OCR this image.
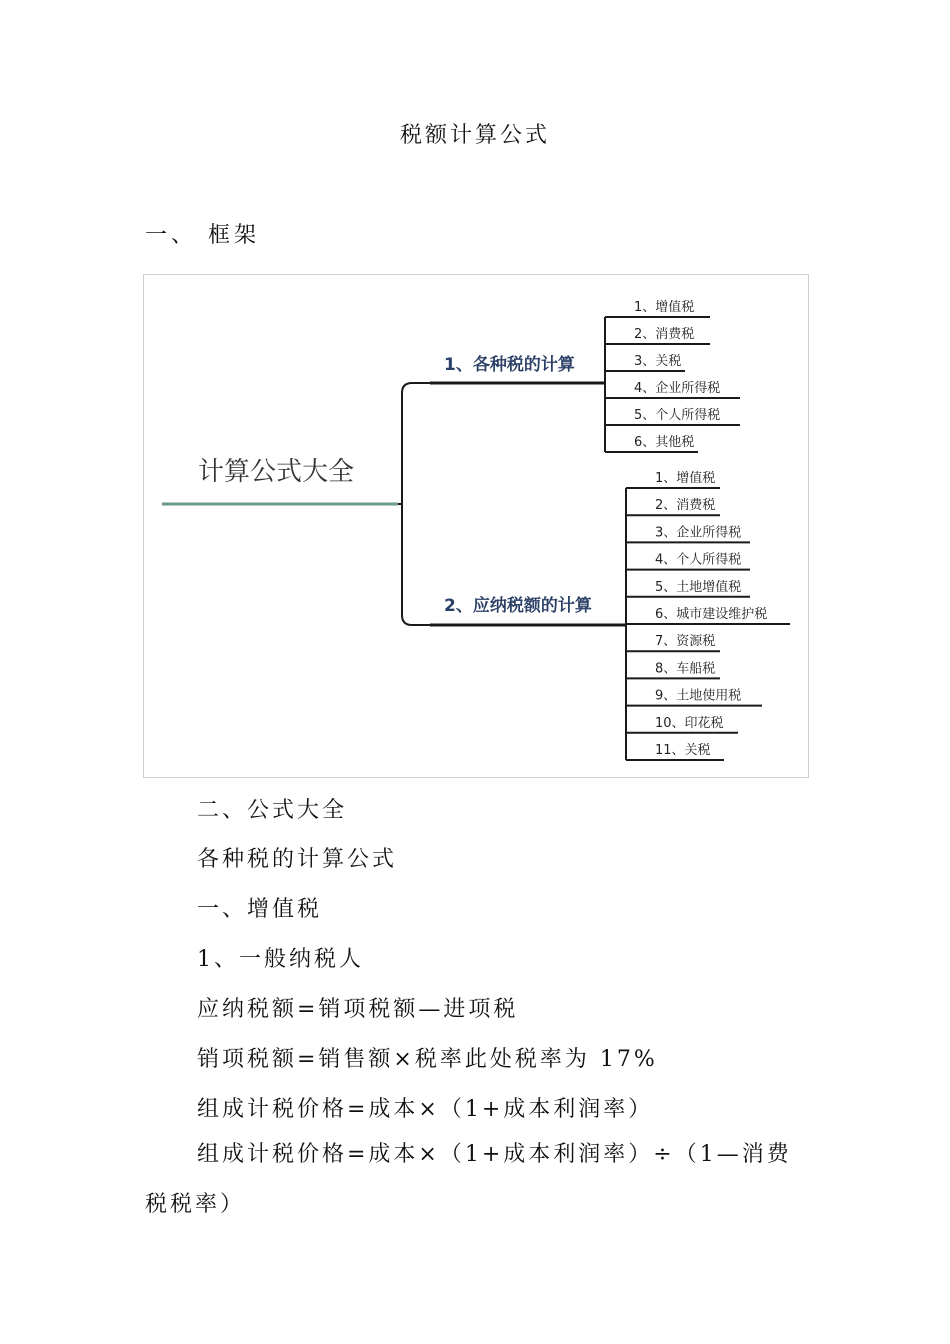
税额计算公式
一、 框架
计算公式大全
1、各种税的计算
1、增值税
2、消费税
3、关税
4、企业所得税
5、个人所得税
6、其他税
2、应纳税额的计算
1、增值税
2、消费税
3、企业所得税
4、个人所得税
5、土地增值税
6、城市建设维护税
7、资源税
8、车船税
9、土地使用税
10、印花税
11、关税
二、公式大全
各种税的计算公式
一、增值税
1、一般纳税人
应纳税额=销项税额—进项税
销项税额=销售额×税率此处税率为 17%
组成计税价格=成本×（1+成本利润率）
组成计税价格=成本×（1+成本利润率）÷（1—消费税税率）
